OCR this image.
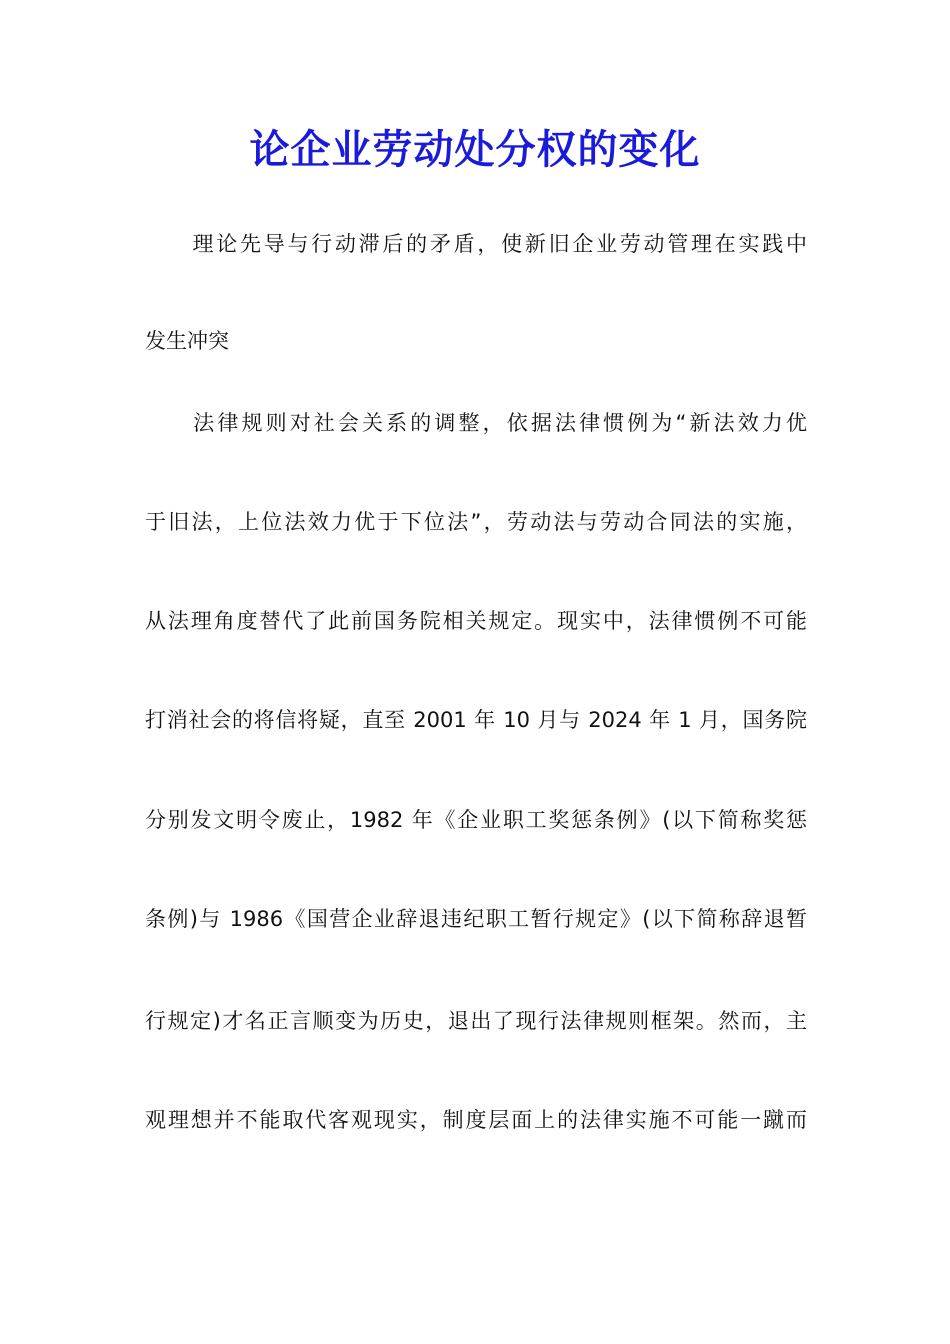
论企业劳动处分权的变化

　　理论先导与行动滞后的矛盾，使新旧企业劳动管理在实践中

发生冲突

　　法律规则对社会关系的调整，依据法律惯例为“新法效力优

于旧法，上位法效力优于下位法”，劳动法与劳动合同法的实施，

从法理角度替代了此前国务院相关规定。现实中，法律惯例不可能

打消社会的将信将疑，直至 2001 年 10 月与 2024 年 1 月，国务院

分别发文明令废止，1982 年《企业职工奖惩条例》(以下简称奖惩

条例)与 1986《国营企业辞退违纪职工暂行规定》(以下简称辞退暂

行规定)才名正言顺变为历史，退出了现行法律规则框架。然而，主

观理想并不能取代客观现实，制度层面上的法律实施不可能一蹴而
